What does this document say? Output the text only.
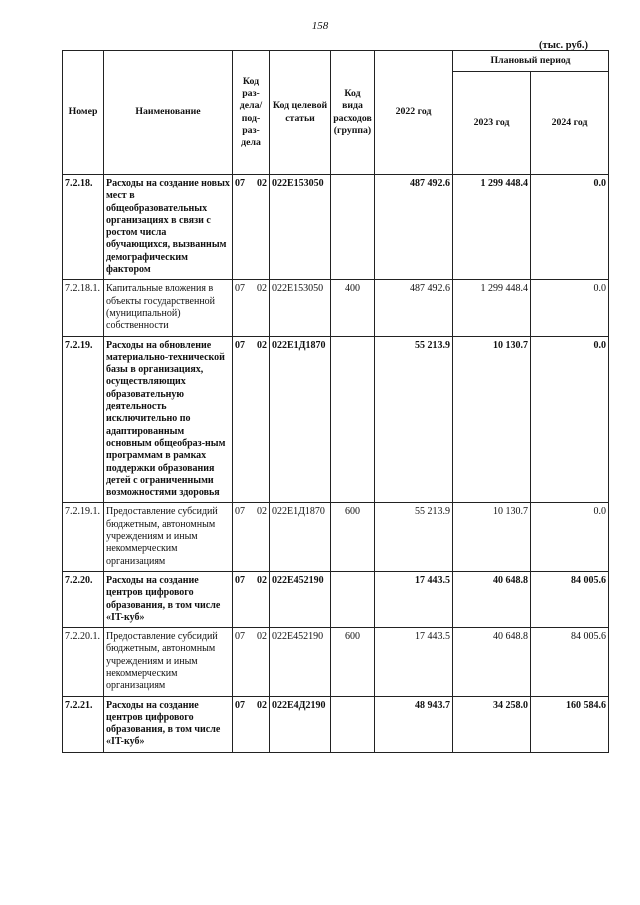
158
(тыс. руб.)
Номер	Наименование	Код раз- дела/ под- раз- дела	Код целевой статьи	Код вида расходов (группа)	2022 год	Плановый период	
						2023 год	2024 год
7.2.18.	Расходы на создание новых мест в общеобразовательных организациях в связи с ростом числа обучающихся, вызванным демографическим фактором	07 02	022E153050		487 492.6	1 299 448.4	0.0
7.2.18.1.	Капитальные вложения в объекты государственной (муниципальной) собственности	07 02	022E153050	400	487 492.6	1 299 448.4	0.0
7.2.19.	Расходы на обновление материально-технической базы в организациях, осуществляющих образовательную деятельность исключительно по адаптированным основным общеобраз-ным программам в рамках поддержки образования детей с ограниченными возможностями здоровья	07 02	022E1Д1870		55 213.9	10 130.7	0.0
7.2.19.1.	Предоставление субсидий бюджетным, автономным учреждениям и иным некоммерческим организациям	07 02	022E1Д1870	600	55 213.9	10 130.7	0.0
7.2.20.	Расходы на создание центров цифрового образования, в том числе «IT-куб»	07 02	022E452190		17 443.5	40 648.8	84 005.6
7.2.20.1.	Предоставление субсидий бюджетным, автономным учреждениям и иным некоммерческим организациям	07 02	022E452190	600	17 443.5	40 648.8	84 005.6
7.2.21.	Расходы на создание центров цифрового образования, в том числе «IT-куб»	07 02	022E4Д2190		48 943.7	34 258.0	160 584.6
